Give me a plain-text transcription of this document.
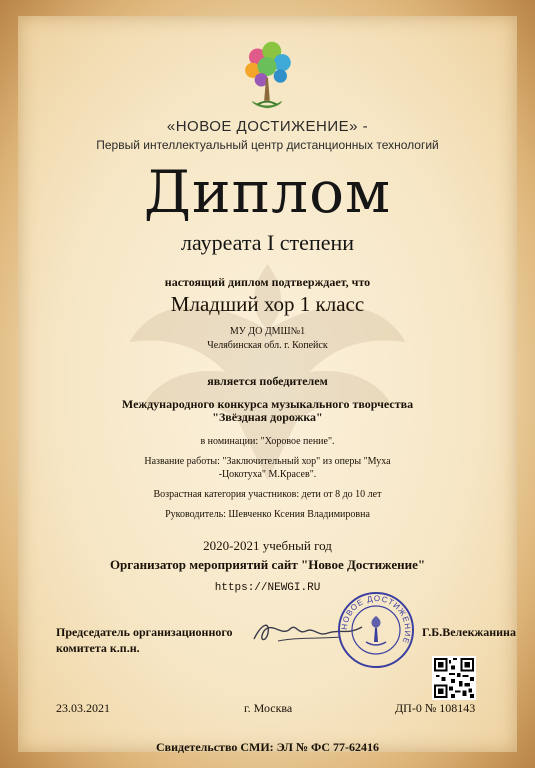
«НОВОЕ ДОСТИЖЕНИЕ» -
Первый интеллектуальный центр дистанционных технологий
Диплом
лауреата I степени
настоящий диплом подтверждает, что
Младший хор 1 класс
МУ ДО ДМШ№1
Челябинская обл. г. Копейск
является победителем
Международного конкурса музыкального творчества
"Звёздная дорожка"
в номинации: "Хоровое пение".
Название работы: "Заключительный хор" из оперы "Муха
-Цокотуха" М.Красев".
Возрастная категория участников: дети от 8 до 10 лет
Руководитель: Шевченко Ксения Владимировна
2020-2021 учебный год
Организатор мероприятий сайт "Новое Достижение"
https://NEWGI.RU
Председатель организационного
комитета к.п.н.
НОВОЕ ДОСТИЖЕНИЕ
Г.Б.Велекжанина
23.03.2021	г. Москва	ДП-0 № 108143
Свидетельство СМИ: ЭЛ № ФС 77-62416
